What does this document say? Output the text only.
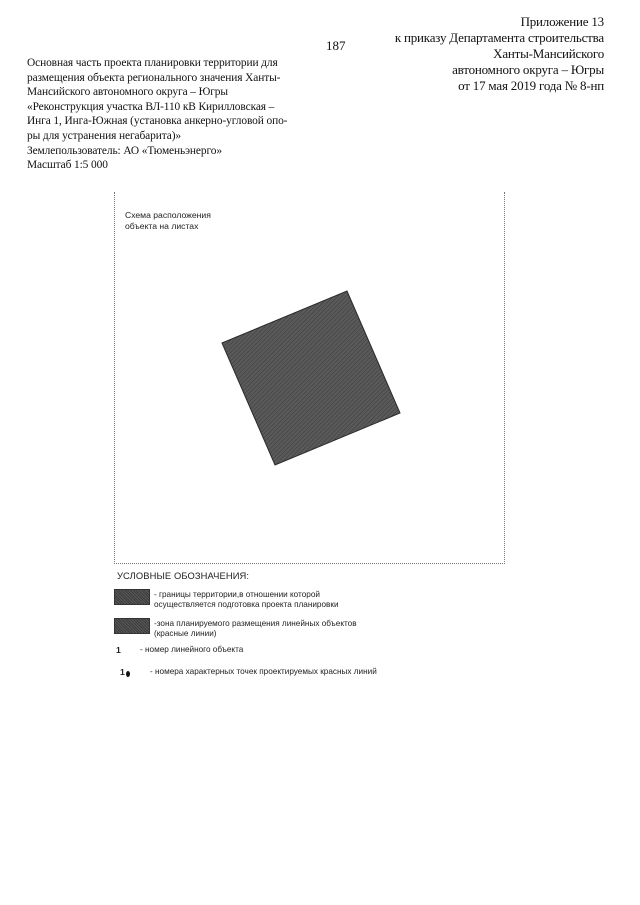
187
Приложение 13
к приказу Департамента строительства
Ханты-Мансийского
автономного округа – Югры
от 17 мая 2019 года № 8-нп
Основная часть проекта планировки территории для
размещения объекта регионального значения Ханты-
Мансийского автономного округа – Югры
«Реконструкция участка ВЛ-110 кВ Кирилловская –
Инга 1, Инга-Южная (установка анкерно-угловой опо-
ры для устранения негабарита)»
Землепользователь: АО «Тюменьэнерго»
Масштаб 1:5 000
Схема расположения
объекта на листах
УСЛОВНЫЕ ОБОЗНАЧЕНИЯ:
- границы территории,в отношении которой
осуществляется подготовка проекта планировки
-зона планируемого размещения линейных объектов
(красные линии)
1 - номер линейного объекта
1	- номера характерных точек проектируемых красных линий
